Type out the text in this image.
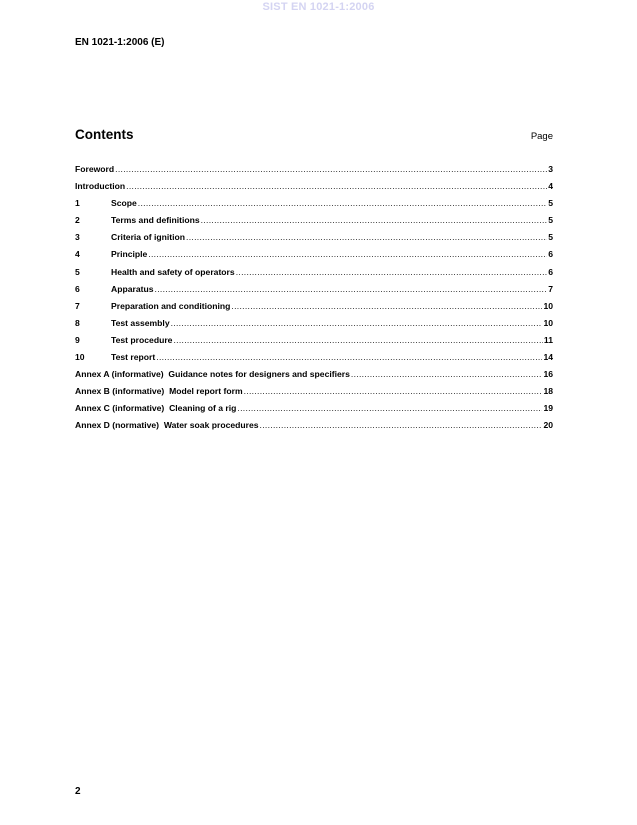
SIST EN 1021-1:2006
EN 1021-1:2006 (E)
Contents	Page
Foreword .....	3
Introduction .....	4
1	Scope .....	5
2	Terms and definitions .....	5
3	Criteria of ignition .....	5
4	Principle .....	6
5	Health and safety of operators .....	6
6	Apparatus .....	7
7	Preparation and conditioning .....	10
8	Test assembly .....	10
9	Test procedure .....	11
10	Test report .....	14
Annex A (informative)  Guidance notes for designers and specifiers .....	16
Annex B (informative)  Model report form .....	18
Annex C (informative)  Cleaning of a rig .....	19
Annex D (normative)  Water soak procedures .....	20
2
